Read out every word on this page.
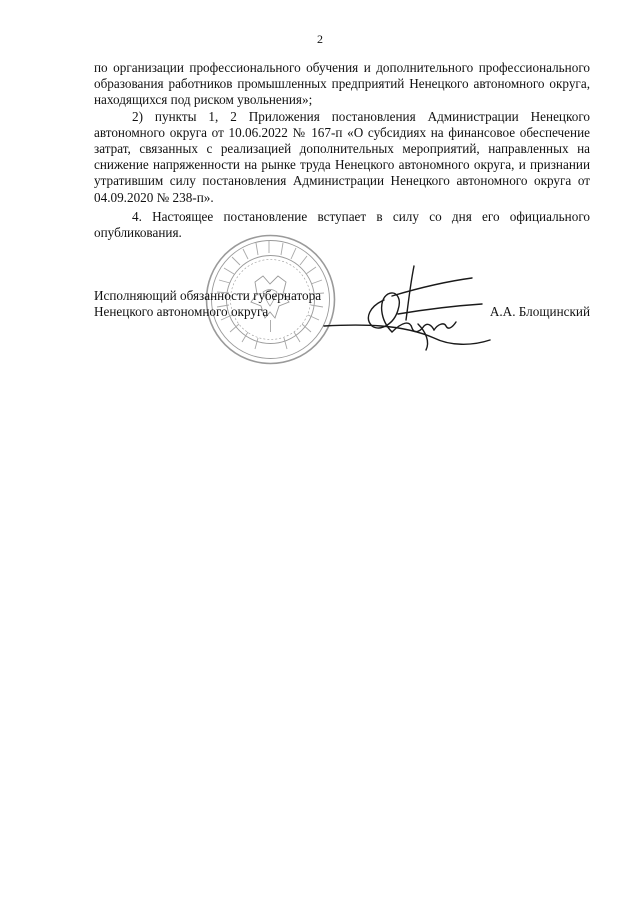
2

по организации профессионального обучения и дополнительного профессионального образования работников промышленных предприятий Ненецкого автономного округа, находящихся под риском увольнения»;

2) пункты 1, 2 Приложения постановления Администрации Ненецкого автономного округа от 10.06.2022 № 167-п «О субсидиях на финансовое обеспечение затрат, связанных с реализацией дополнительных мероприятий, направленных на снижение напряженности на рынке труда Ненецкого автономного округа, и признании утратившим силу постановления Администрации Ненецкого автономного округа от 04.09.2020 № 238-п».

4. Настоящее постановление вступает в силу со дня его официального опубликования.

Исполняющий обязанности губернатора
Ненецкого автономного округа	А.А. Блощинский
